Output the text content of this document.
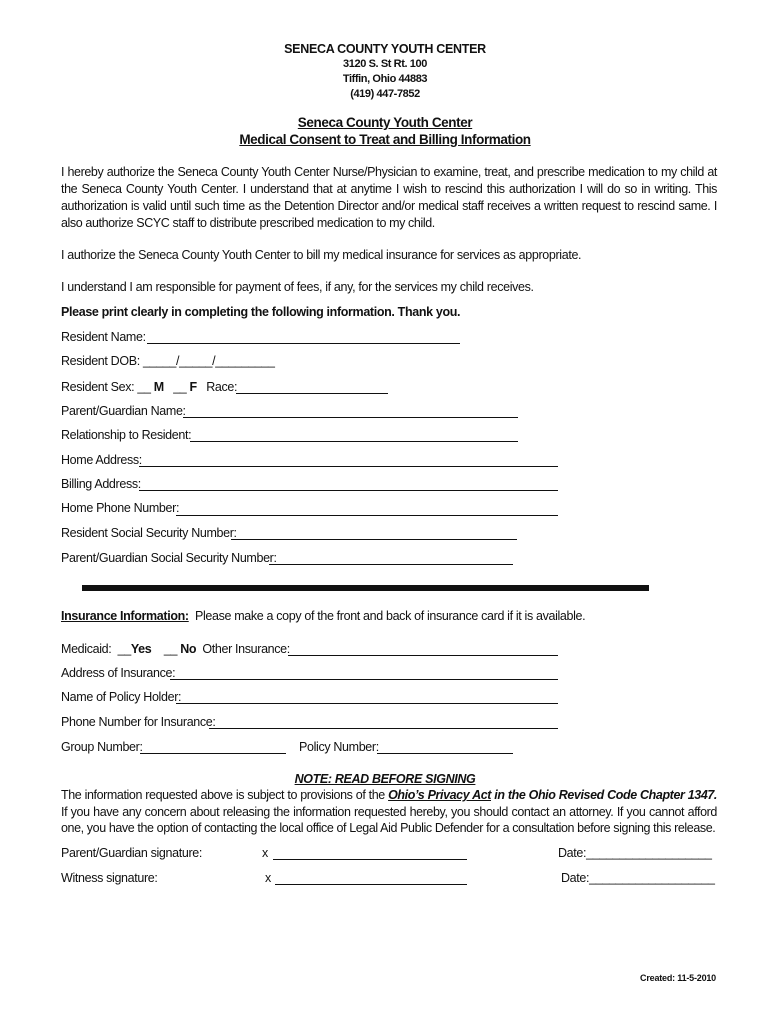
SENECA COUNTY YOUTH CENTER
3120 S. St Rt. 100
Tiffin, Ohio 44883
(419) 447-7852
Seneca County Youth Center
Medical Consent to Treat and Billing Information
I hereby authorize the Seneca County Youth Center Nurse/Physician to examine, treat, and prescribe medication to my child at the Seneca County Youth Center. I understand that at anytime I wish to rescind this authorization I will do so in writing. This authorization is valid until such time as the Detention Director and/or medical staff receives a written request to rescind same. I also authorize SCYC staff to distribute prescribed medication to my child.
I authorize the Seneca County Youth Center to bill my medical insurance for services as appropriate.
I understand I am responsible for payment of fees, if any, for the services my child receives.
Please print clearly in completing the following information. Thank you.
Resident Name:
Resident DOB: _____/_____/_________
Resident Sex: __ M __ F Race:
Parent/Guardian Name:
Relationship to Resident:
Home Address:
Billing Address:
Home Phone Number:
Resident Social Security Number:
Parent/Guardian Social Security Number:
Insurance Information: Please make a copy of the front and back of insurance card if it is available.
Medicaid: __Yes __ No Other Insurance:
Address of Insurance:
Name of Policy Holder:
Phone Number for Insurance:
Group Number:	Policy Number:
NOTE: READ BEFORE SIGNING
The information requested above is subject to provisions of the Ohio’s Privacy Act in the Ohio Revised Code Chapter 1347. If you have any concern about releasing the information requested hereby, you should contact an attorney. If you cannot afford one, you have the option of contacting the local office of Legal Aid Public Defender for a consultation before signing this release.
Parent/Guardian signature:	x	Date:___________________
Witness signature:	x	Date:___________________
Created: 11-5-2010
